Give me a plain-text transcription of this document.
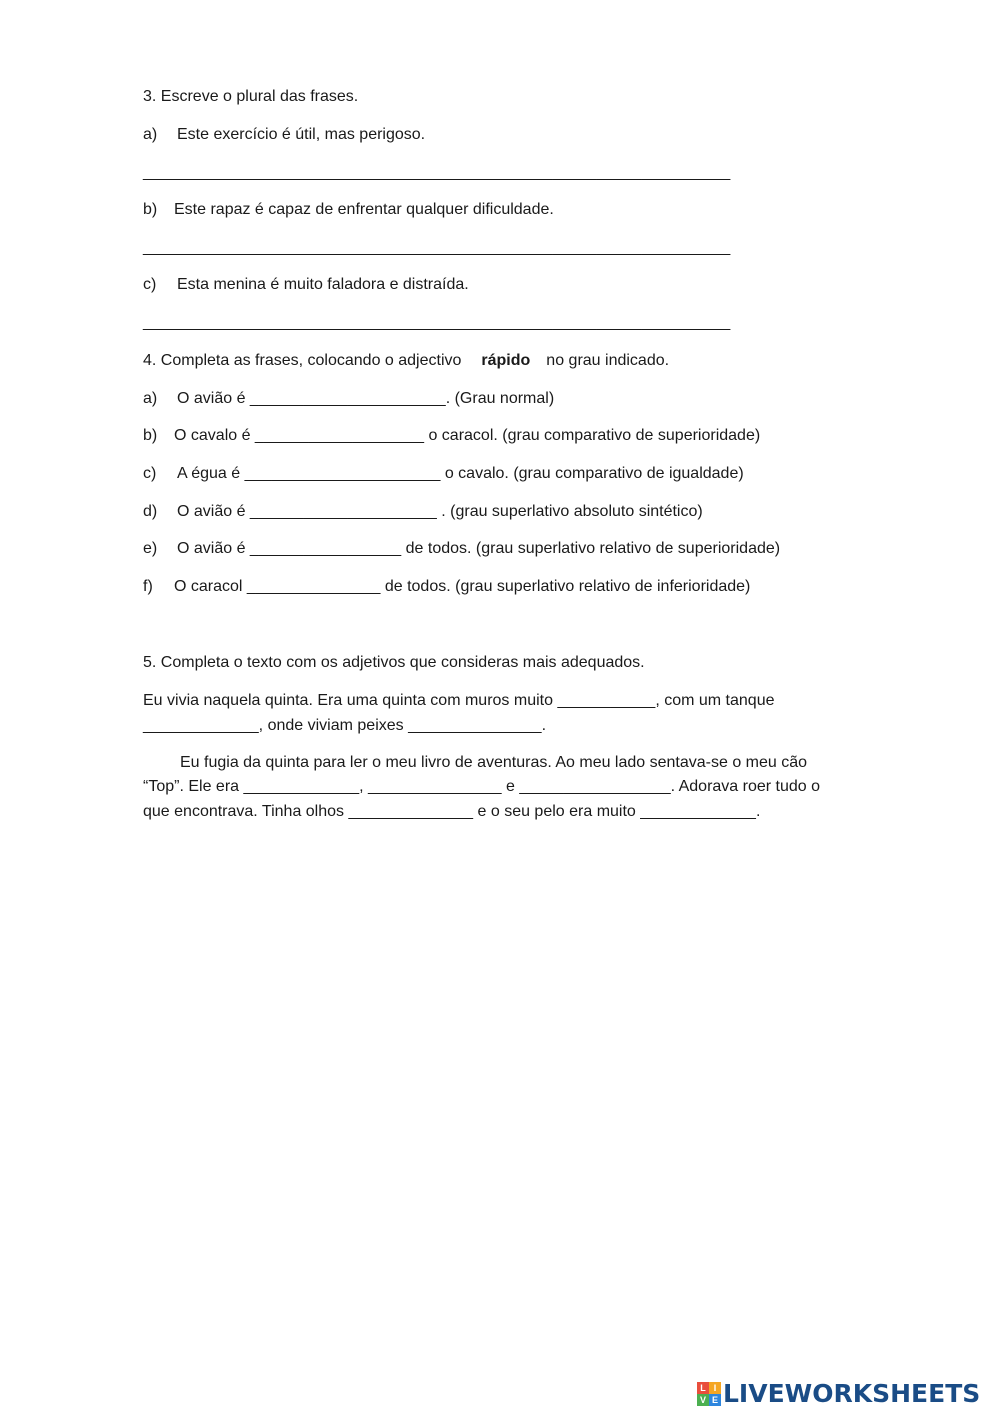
3. Escreve o plural das frases.
a) Este exercício é útil, mas perigoso.
__________________________________________________________________
b) Este rapaz é capaz de enfrentar qualquer dificuldade.
__________________________________________________________________
c) Esta menina é muito faladora e distraída.
__________________________________________________________________
4. Completa as frases, colocando o adjectivo rápido no grau indicado.
a) O avião é ______________________. (Grau normal)
b) O cavalo é ___________________ o caracol. (grau comparativo de superioridade)
c) A égua é ______________________ o cavalo. (grau comparativo de igualdade)
d) O avião é _____________________ . (grau superlativo absoluto sintético)
e) O avião é _________________ de todos. (grau superlativo relativo de superioridade)
f) O caracol _______________ de todos. (grau superlativo relativo de inferioridade)
5. Completa o texto com os adjetivos que consideras mais adequados.
Eu vivia naquela quinta. Era uma quinta com muros muito ___________, com um tanque
_____________, onde viviam peixes _______________.
Eu fugia da quinta para ler o meu livro de aventuras. Ao meu lado sentava-se o meu cão
“Top”. Ele era _____________, _______________ e _________________. Adorava roer tudo o
que encontrava. Tinha olhos ______________ e o seu pelo era muito _____________.
L I
V E LIVEWORKSHEETS
